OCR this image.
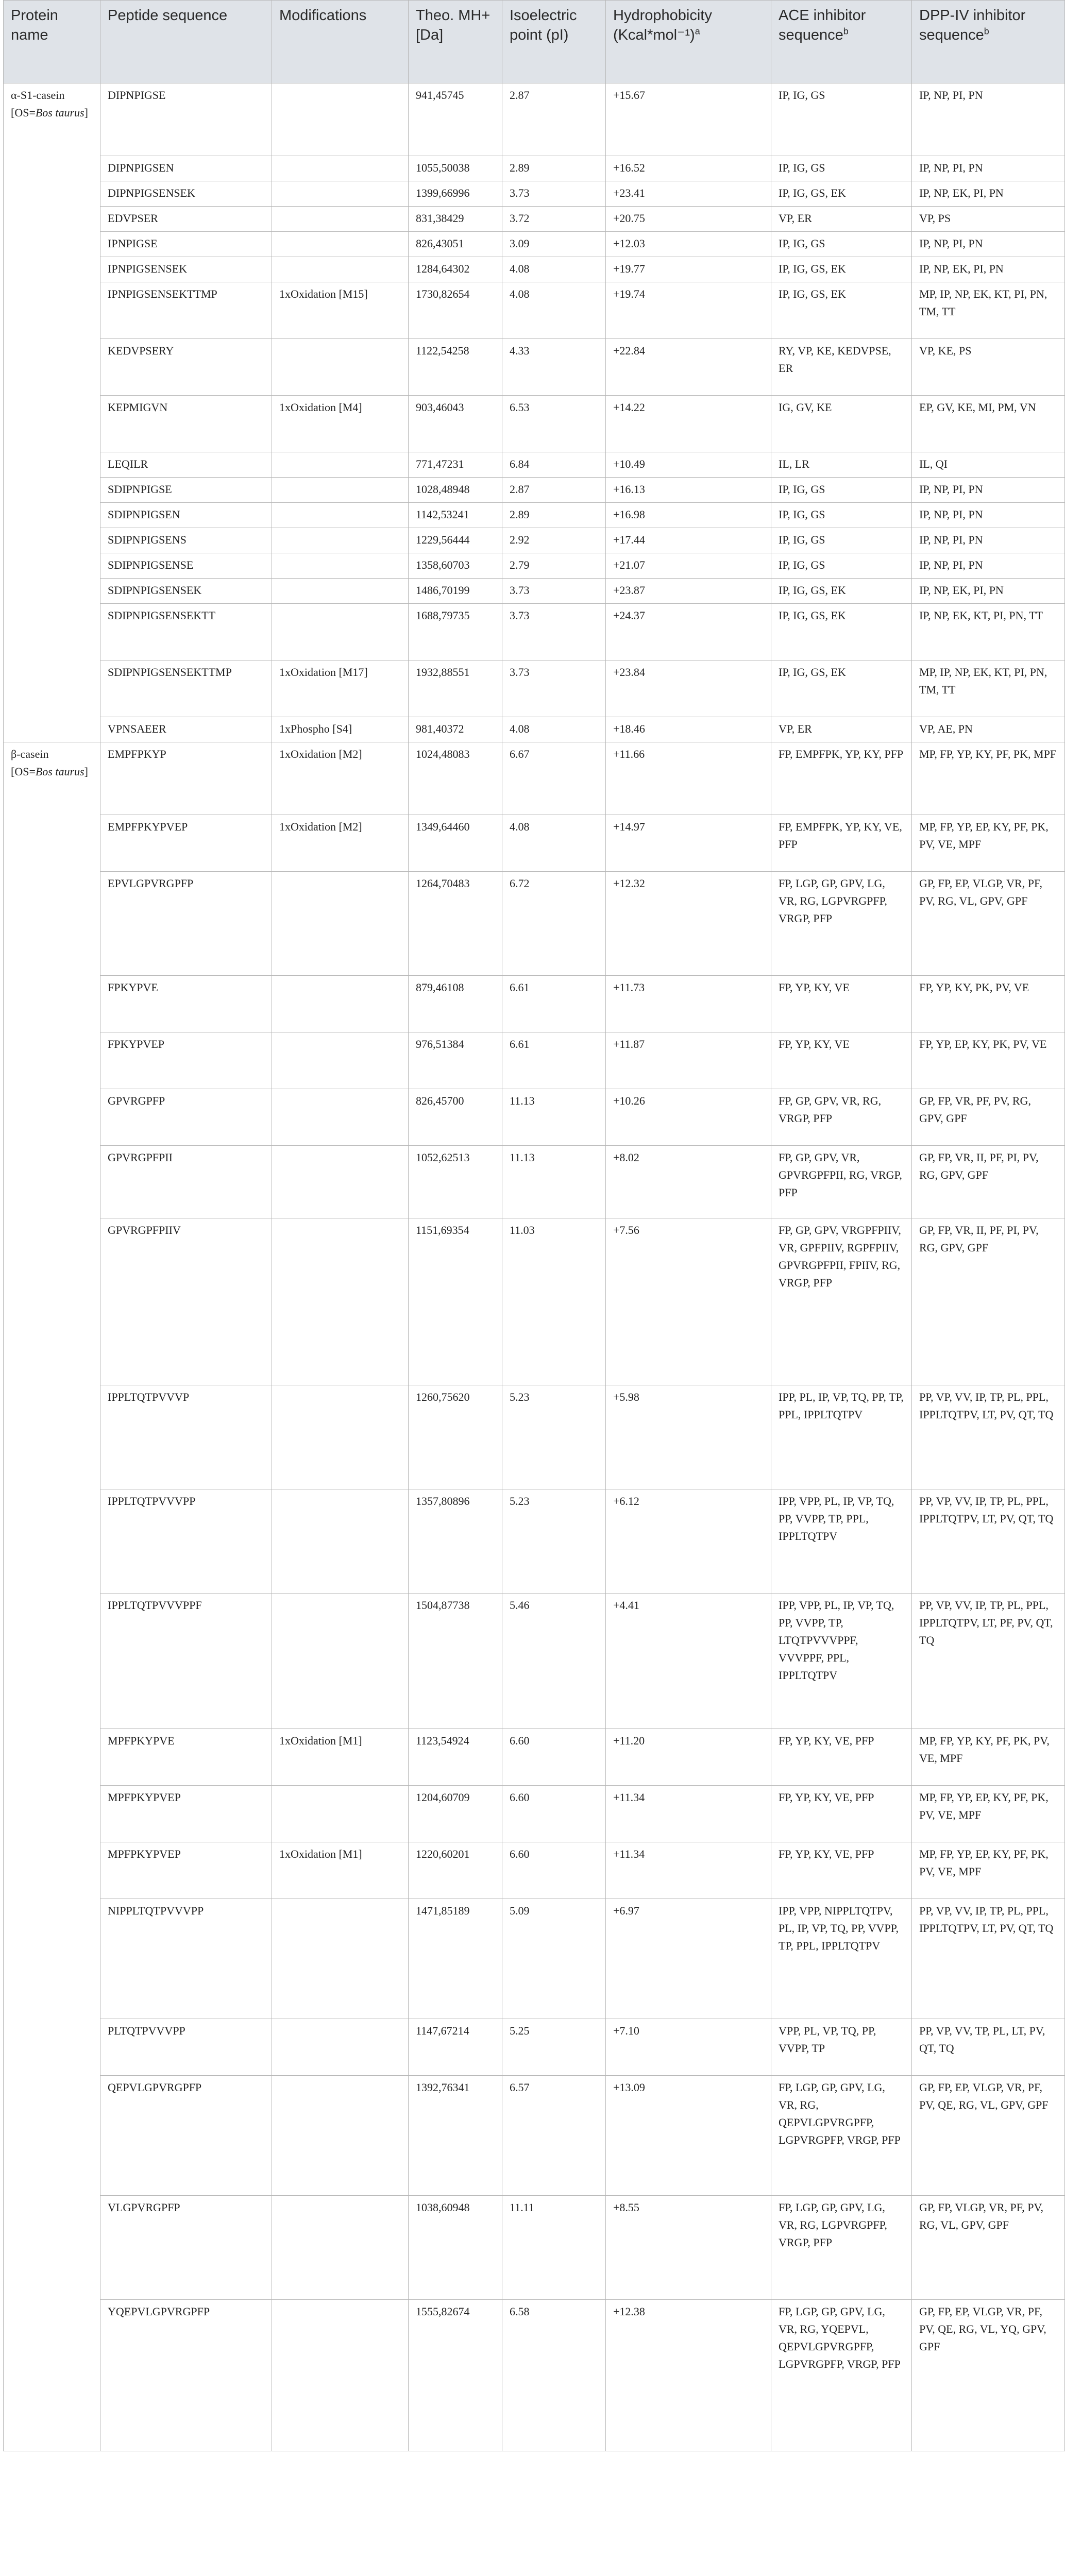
Protein name	Peptide sequence	Modifications	Theo. MH+ [Da]	Isoelectric point (pI)	Hydrophobicity (Kcal*mol⁻¹)$^a$	ACE inhibitor sequence$^b$	DPP-IV inhibitor sequence$^b$
α-S1-casein [OS=Bos taurus]	DIPNPIGSE		941,45745	2.87	+15.67	IP, IG, GS	IP, NP, PI, PN
	DIPNPIGSEN		1055,50038	2.89	+16.52	IP, IG, GS	IP, NP, PI, PN
	DIPNPIGSENSEK		1399,66996	3.73	+23.41	IP, IG, GS, EK	IP, NP, EK, PI, PN
	EDVPSER		831,38429	3.72	+20.75	VP, ER	VP, PS
	IPNPIGSE		826,43051	3.09	+12.03	IP, IG, GS	IP, NP, PI, PN
	IPNPIGSENSEK		1284,64302	4.08	+19.77	IP, IG, GS, EK	IP, NP, EK, PI, PN
	IPNPIGSENSEKTTMP	1xOxidation [M15]	1730,82654	4.08	+19.74	IP, IG, GS, EK	MP, IP, NP, EK, KT, PI, PN, TM, TT
	KEDVPSERY		1122,54258	4.33	+22.84	RY, VP, KE, KEDVPSE, ER	VP, KE, PS
	KEPMIGVN	1xOxidation [M4]	903,46043	6.53	+14.22	IG, GV, KE	EP, GV, KE, MI, PM, VN
	LEQILR		771,47231	6.84	+10.49	IL, LR	IL, QI
	SDIPNPIGSE		1028,48948	2.87	+16.13	IP, IG, GS	IP, NP, PI, PN
	SDIPNPIGSEN		1142,53241	2.89	+16.98	IP, IG, GS	IP, NP, PI, PN
	SDIPNPIGSENS		1229,56444	2.92	+17.44	IP, IG, GS	IP, NP, PI, PN
	SDIPNPIGSENSE		1358,60703	2.79	+21.07	IP, IG, GS	IP, NP, PI, PN
	SDIPNPIGSENSEK		1486,70199	3.73	+23.87	IP, IG, GS, EK	IP, NP, EK, PI, PN
	SDIPNPIGSENSEKTT		1688,79735	3.73	+24.37	IP, IG, GS, EK	IP, NP, EK, KT, PI, PN, TT
	SDIPNPIGSENSEKTTMP	1xOxidation [M17]	1932,88551	3.73	+23.84	IP, IG, GS, EK	MP, IP, NP, EK, KT, PI, PN, TM, TT
	VPNSAEER	1xPhospho [S4]	981,40372	4.08	+18.46	VP, ER	VP, AE, PN
β-casein [OS=Bos taurus]	EMPFPKYP	1xOxidation [M2]	1024,48083	6.67	+11.66	FP, EMPFPK, YP, KY, PFP	MP, FP, YP, KY, PF, PK, MPF
	EMPFPKYPVEP	1xOxidation [M2]	1349,64460	4.08	+14.97	FP, EMPFPK, YP, KY, VE, PFP	MP, FP, YP, EP, KY, PF, PK, PV, VE, MPF
	EPVLGPVRGPFP		1264,70483	6.72	+12.32	FP, LGP, GP, GPV, LG, VR, RG, LGPVRGPFP, VRGP, PFP	GP, FP, EP, VLGP, VR, PF, PV, RG, VL, GPV, GPF
	FPKYPVE		879,46108	6.61	+11.73	FP, YP, KY, VE	FP, YP, KY, PK, PV, VE
	FPKYPVEP		976,51384	6.61	+11.87	FP, YP, KY, VE	FP, YP, EP, KY, PK, PV, VE
	GPVRGPFP		826,45700	11.13	+10.26	FP, GP, GPV, VR, RG, VRGP, PFP	GP, FP, VR, PF, PV, RG, GPV, GPF
	GPVRGPFPII		1052,62513	11.13	+8.02	FP, GP, GPV, VR, GPVRGPFPII, RG, VRGP, PFP	GP, FP, VR, II, PF, PI, PV, RG, GPV, GPF
	GPVRGPFPIIV		1151,69354	11.03	+7.56	FP, GP, GPV, VRGPFPIIV, VR, GPFPIIV, RGPFPIIV, GPVRGPFPII, FPIIV, RG, VRGP, PFP	GP, FP, VR, II, PF, PI, PV, RG, GPV, GPF
	IPPLTQTPVVVP		1260,75620	5.23	+5.98	IPP, PL, IP, VP, TQ, PP, TP, PPL, IPPLTQTPV	PP, VP, VV, IP, TP, PL, PPL, IPPLTQTPV, LT, PV, QT, TQ
	IPPLTQTPVVVPP		1357,80896	5.23	+6.12	IPP, VPP, PL, IP, VP, TQ, PP, VVPP, TP, PPL, IPPLTQTPV	PP, VP, VV, IP, TP, PL, PPL, IPPLTQTPV, LT, PV, QT, TQ
	IPPLTQTPVVVPPF		1504,87738	5.46	+4.41	IPP, VPP, PL, IP, VP, TQ, PP, VVPP, TP, LTQTPVVVPPF, VVVPPF, PPL, IPPLTQTPV	PP, VP, VV, IP, TP, PL, PPL, IPPLTQTPV, LT, PF, PV, QT, TQ
	MPFPKYPVE	1xOxidation [M1]	1123,54924	6.60	+11.20	FP, YP, KY, VE, PFP	MP, FP, YP, KY, PF, PK, PV, VE, MPF
	MPFPKYPVEP		1204,60709	6.60	+11.34	FP, YP, KY, VE, PFP	MP, FP, YP, EP, KY, PF, PK, PV, VE, MPF
	MPFPKYPVEP	1xOxidation [M1]	1220,60201	6.60	+11.34	FP, YP, KY, VE, PFP	MP, FP, YP, EP, KY, PF, PK, PV, VE, MPF
	NIPPLTQTPVVVPP		1471,85189	5.09	+6.97	IPP, VPP, NIPPLTQTPV, PL, IP, VP, TQ, PP, VVPP, TP, PPL, IPPLTQTPV	PP, VP, VV, IP, TP, PL, PPL, IPPLTQTPV, LT, PV, QT, TQ
	PLTQTPVVVPP		1147,67214	5.25	+7.10	VPP, PL, VP, TQ, PP, VVPP, TP	PP, VP, VV, TP, PL, LT, PV, QT, TQ
	QEPVLGPVRGPFP		1392,76341	6.57	+13.09	FP, LGP, GP, GPV, LG, VR, RG, QEPVLGPVRGPFP, LGPVRGPFP, VRGP, PFP	GP, FP, EP, VLGP, VR, PF, PV, QE, RG, VL, GPV, GPF
	VLGPVRGPFP		1038,60948	11.11	+8.55	FP, LGP, GP, GPV, LG, VR, RG, LGPVRGPFP, VRGP, PFP	GP, FP, VLGP, VR, PF, PV, RG, VL, GPV, GPF
	YQEPVLGPVRGPFP		1555,82674	6.58	+12.38	FP, LGP, GP, GPV, LG, VR, RG, YQEPVL, QEPVLGPVRGPFP, LGPVRGPFP, VRGP, PFP	GP, FP, EP, VLGP, VR, PF, PV, QE, RG, VL, YQ, GPV, GPF
